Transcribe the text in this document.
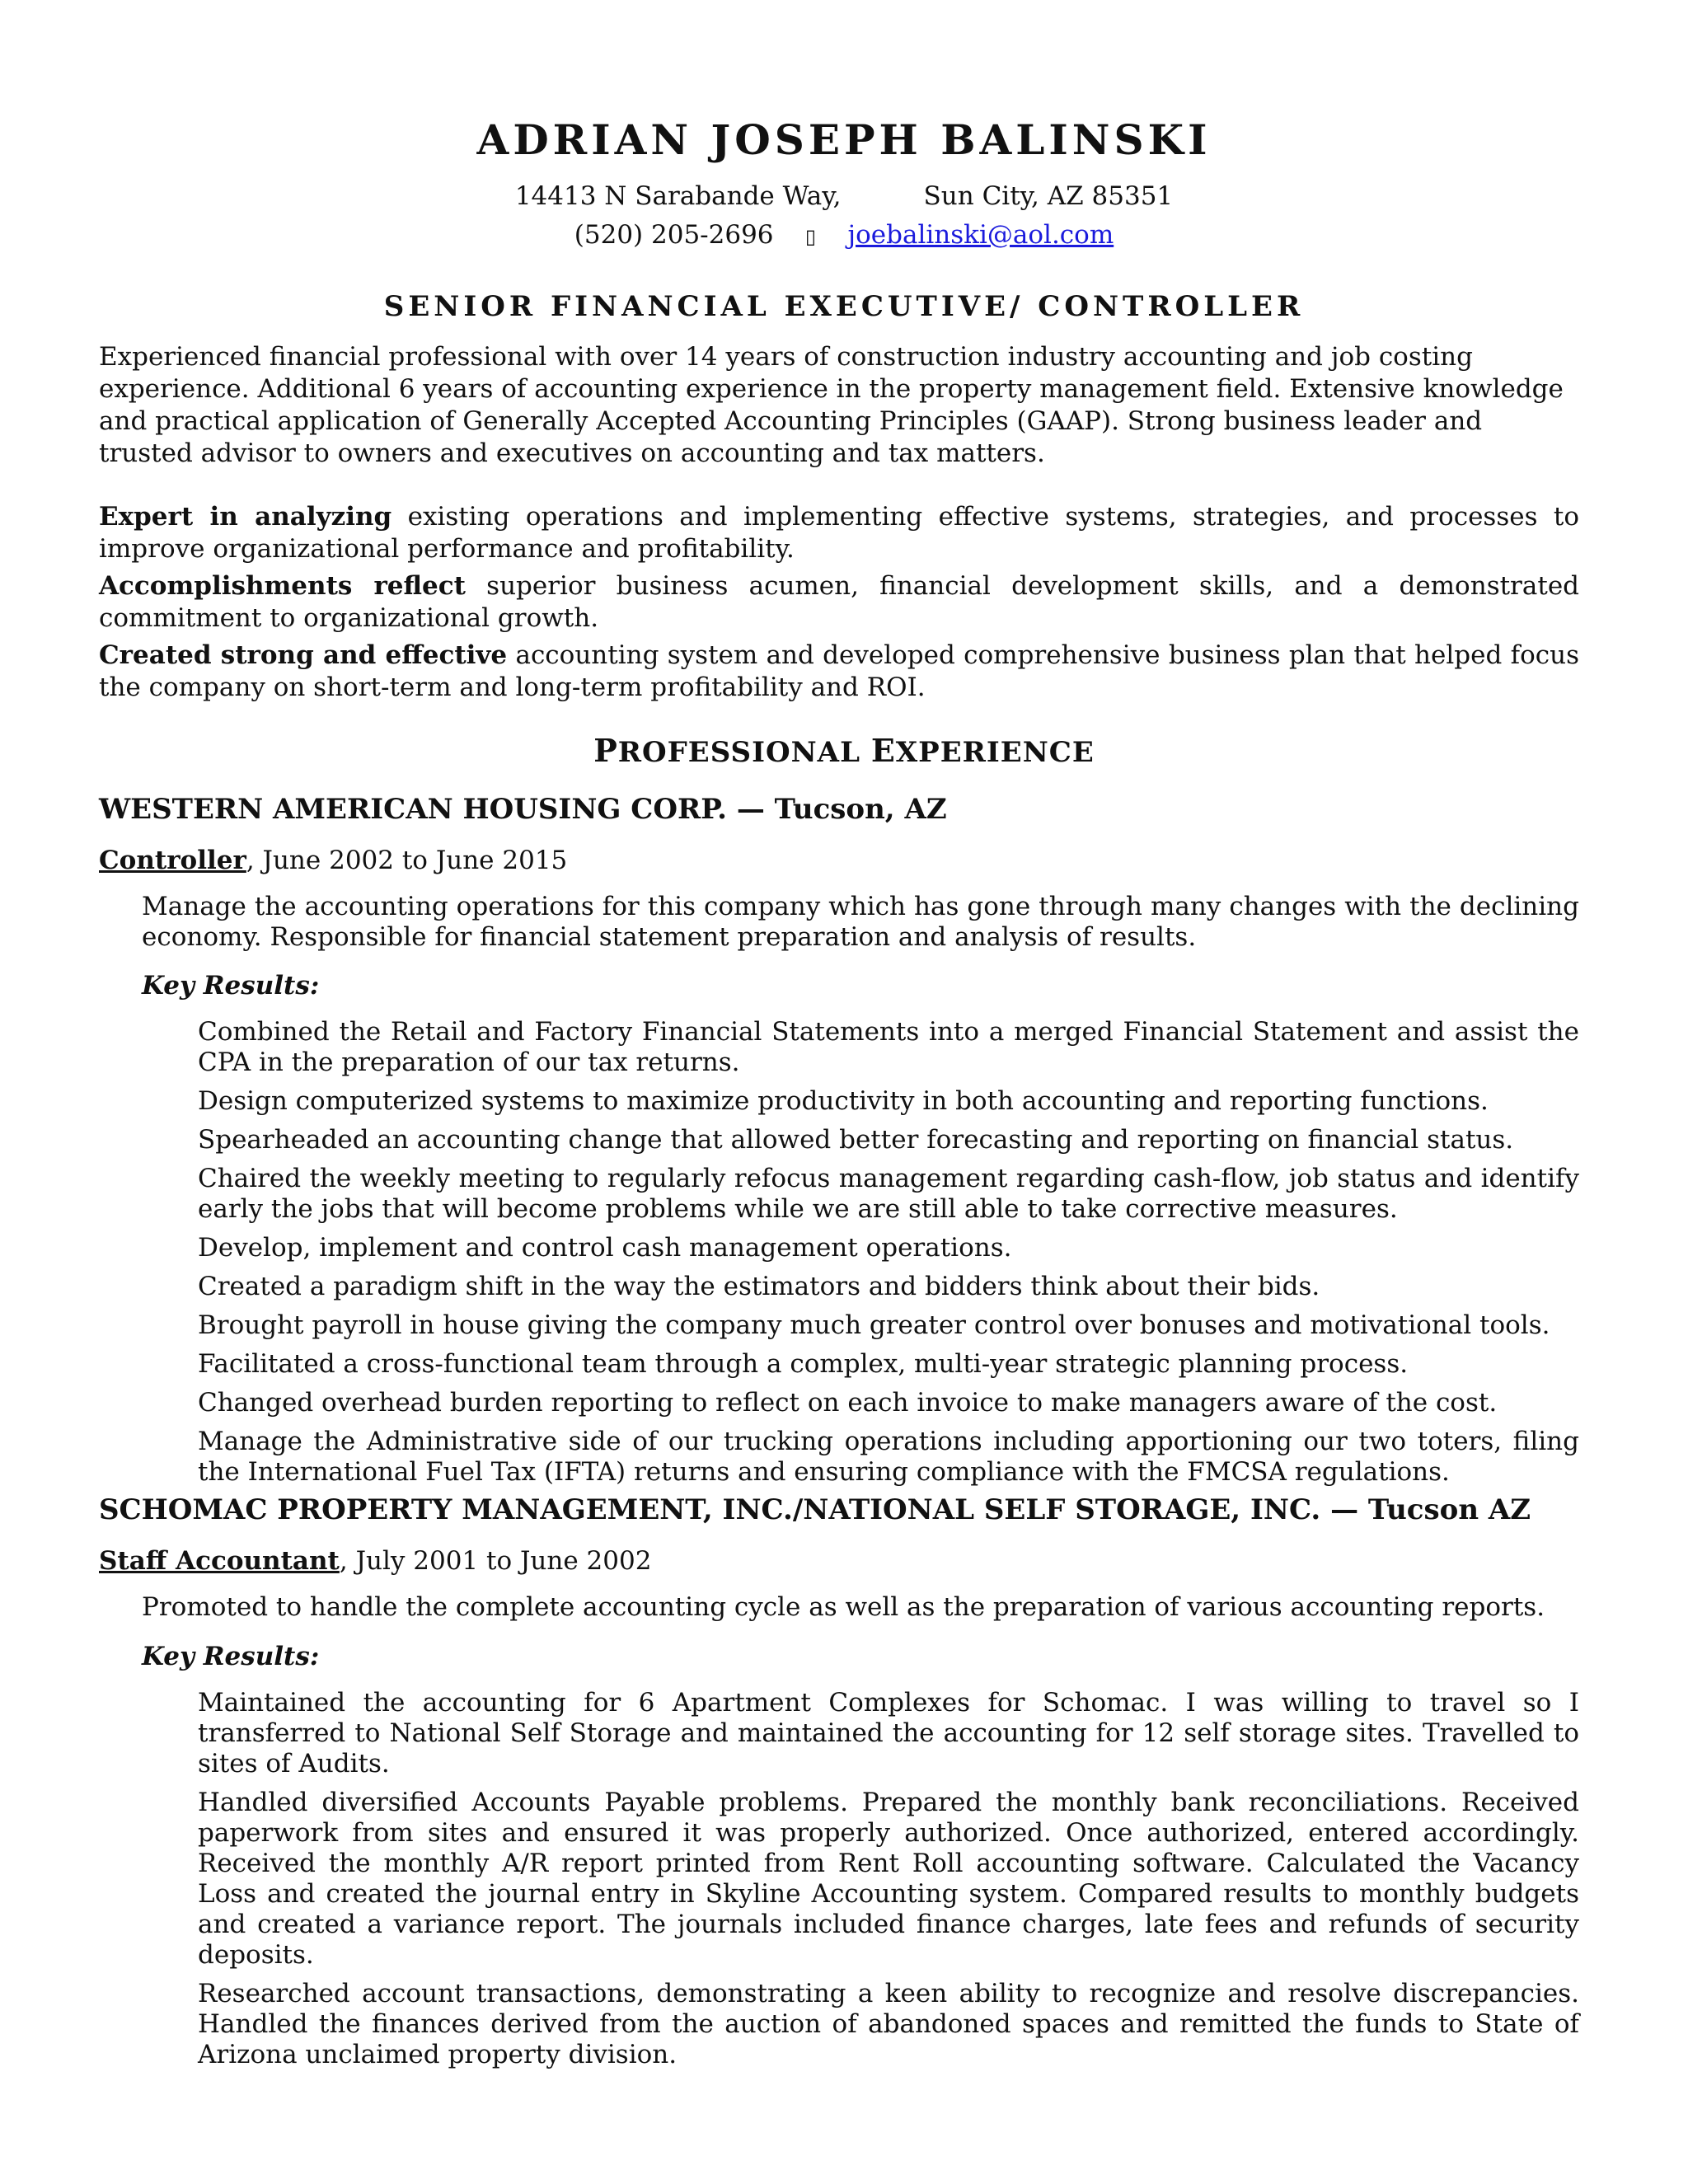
ADRIAN JOSEPH BALINSKI
14413 N Sarabande Way,	Sun City, AZ 85351
(520) 205-2696 ▯ joebalinski@aol.com
SENIOR FINANCIAL EXECUTIVE/ CONTROLLER
Experienced financial professional with over 14 years of construction industry accounting and job costing experience. Additional 6 years of accounting experience in the property management field. Extensive knowledge and practical application of Generally Accepted Accounting Principles (GAAP). Strong business leader and trusted advisor to owners and executives on accounting and tax matters.
Expert in analyzing existing operations and implementing effective systems, strategies, and processes to improve organizational performance and profitability.
Accomplishments reflect superior business acumen, financial development skills, and a demonstrated commitment to organizational growth.
Created strong and effective accounting system and developed comprehensive business plan that helped focus the company on short-term and long-term profitability and ROI.
PROFESSIONAL EXPERIENCE
WESTERN AMERICAN HOUSING CORP. — Tucson, AZ
Controller, June 2002 to June 2015
Manage the accounting operations for this company which has gone through many changes with the declining economy. Responsible for financial statement preparation and analysis of results.
Key Results:
Combined the Retail and Factory Financial Statements into a merged Financial Statement and assist the CPA in the preparation of our tax returns.
Design computerized systems to maximize productivity in both accounting and reporting functions.
Spearheaded an accounting change that allowed better forecasting and reporting on financial status.
Chaired the weekly meeting to regularly refocus management regarding cash-flow, job status and identify early the jobs that will become problems while we are still able to take corrective measures.
Develop, implement and control cash management operations.
Created a paradigm shift in the way the estimators and bidders think about their bids.
Brought payroll in house giving the company much greater control over bonuses and motivational tools.
Facilitated a cross-functional team through a complex, multi-year strategic planning process.
Changed overhead burden reporting to reflect on each invoice to make managers aware of the cost.
Manage the Administrative side of our trucking operations including apportioning our two toters, filing the International Fuel Tax (IFTA) returns and ensuring compliance with the FMCSA regulations.
SCHOMAC PROPERTY MANAGEMENT, INC./NATIONAL SELF STORAGE, INC. — Tucson AZ
Staff Accountant, July 2001 to June 2002
Promoted to handle the complete accounting cycle as well as the preparation of various accounting reports.
Key Results:
Maintained the accounting for 6 Apartment Complexes for Schomac. I was willing to travel so I transferred to National Self Storage and maintained the accounting for 12 self storage sites. Travelled to sites of Audits.
Handled diversified Accounts Payable problems. Prepared the monthly bank reconciliations. Received paperwork from sites and ensured it was properly authorized. Once authorized, entered accordingly. Received the monthly A/R report printed from Rent Roll accounting software. Calculated the Vacancy Loss and created the journal entry in Skyline Accounting system. Compared results to monthly budgets and created a variance report. The journals included finance charges, late fees and refunds of security deposits.
Researched account transactions, demonstrating a keen ability to recognize and resolve discrepancies. Handled the finances derived from the auction of abandoned spaces and remitted the funds to State of Arizona unclaimed property division.
